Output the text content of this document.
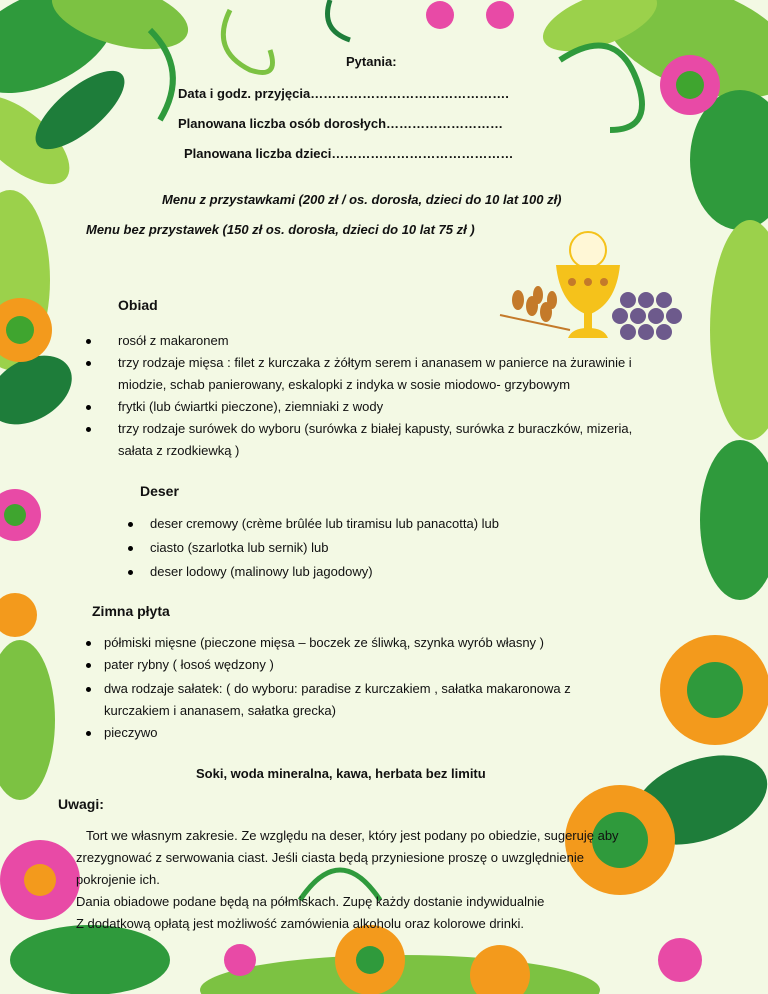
Pytania:
Data i godz. przyjęcia……………………………………….
Planowana liczba osób dorosłych………………………
Planowana liczba dzieci……………………………………
Menu z przystawkami (200 zł / os. dorosła, dzieci do 10 lat 100 zł)
Menu bez przystawek (150 zł os. dorosła, dzieci do 10 lat 75 zł )
Obiad
rosół z makaronem
trzy rodzaje mięsa : filet z kurczaka z żółtym serem i ananasem w panierce na żurawinie i
miodzie, schab panierowany, eskalopki z indyka w sosie miodowo- grzybowym
frytki (lub ćwiartki pieczone), ziemniaki z wody
trzy rodzaje surówek do wyboru (surówka z białej kapusty, surówka z buraczków, mizeria,
sałata z rzodkiewką )
Deser
deser cremowy (crème brûlée lub tiramisu lub panacotta) lub
ciasto (szarlotka lub sernik) lub
deser lodowy (malinowy lub jagodowy)
Zimna płyta
półmiski mięsne (pieczone mięsa – boczek ze śliwką, szynka wyrób własny )
pater rybny ( łosoś wędzony )
dwa rodzaje sałatek: ( do wyboru: paradise z kurczakiem , sałatka makaronowa z
kurczakiem i ananasem, sałatka grecka)
pieczywo
Soki, woda mineralna, kawa, herbata bez limitu
Uwagi:
Tort we własnym zakresie. Ze względu na deser, który jest podany po obiedzie, sugeruję aby
zrezygnować z serwowania ciast. Jeśli ciasta będą przyniesione proszę o uwzględnienie
pokrojenie ich.
Dania obiadowe podane będą na półmiskach. Zupę każdy dostanie indywidualnie
Z dodatkową opłatą jest możliwość zamówienia alkoholu oraz kolorowe drinki.
